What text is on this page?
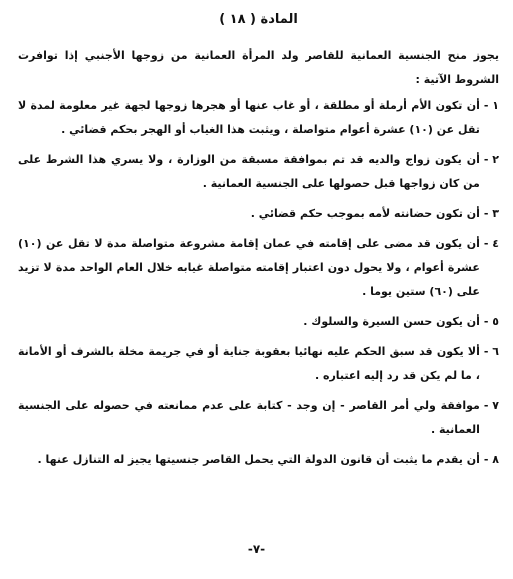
المادة ( ١٨ )

يجوز منح الجنسية العمانية للقاصر ولد المرأة العمانية من زوجها الأجنبي إذا توافرت الشروط الآتية :

١ -
أن تكون الأم أرملة أو مطلقة ، أو غاب عنها أو هجرها زوجها لجهة غير معلومة لمدة لا تقل عن (١٠) عشرة أعوام متواصلة ، ويثبت هذا الغياب أو الهجر بحكم قضائي .
٢ -
أن يكون زواج والديه قد تم بموافقة مسبقة من الوزارة ، ولا يسري هذا الشرط على من كان زواجها قبل حصولها على الجنسية العمانية .
٣ -
أن تكون حضانته لأمه بموجب حكم قضائي .
٤ -
أن يكون قد مضى على إقامته في عمان إقامة مشروعة متواصلة مدة لا تقل عن (١٠) عشرة أعوام ، ولا يحول دون اعتبار إقامته متواصلة غيابه خلال العام الواحد مدة لا تزيد على (٦٠) ستين يوما .
٥ -
أن يكون حسن السيرة والسلوك .
٦ -
ألا يكون قد سبق الحكم عليه نهائيا بعقوبة جناية أو في جريمة مخلة بالشرف أو الأمانة ، ما لم يكن قد رد إليه اعتباره .
٧ -
موافقة ولي أمر القاصر - إن وجد - كتابة على عدم ممانعته في حصوله على الجنسية العمانية .
٨ -
أن يقدم ما يثبت أن قانون الدولة التي يحمل القاصر جنسيتها يجيز له التنازل عنها .
-٧-
